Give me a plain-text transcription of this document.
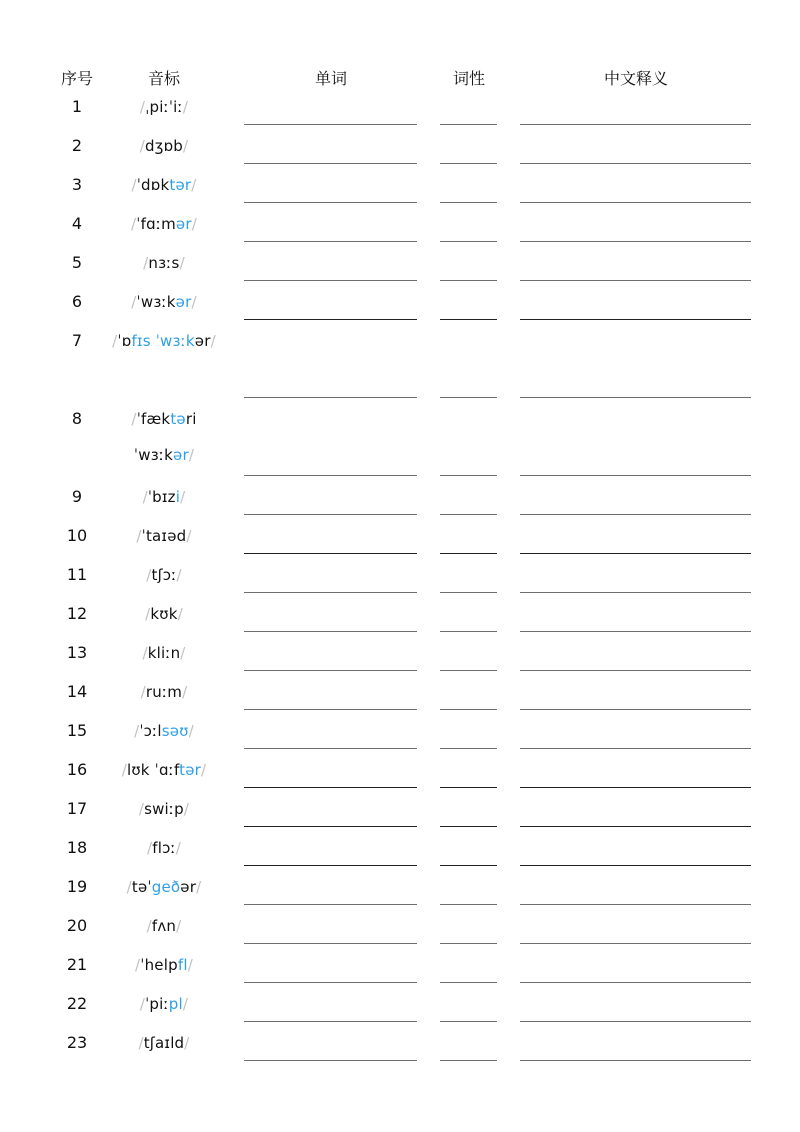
序号	音标	单词	词性	中文释义
1	/ˌpiːˈiː/
2	/dʒɒb/
3	/ˈdɒktər/
4	/ˈfɑːmər/
5	/nɜːs/
6	/ˈwɜːkər/
7	/ˈɒfɪs ˈwɜːkər/
8	/ˈfæktəri ˈwɜːkər/
9	/ˈbɪzi/
10	/ˈtaɪəd/
11	/tʃɔː/
12	/kʊk/
13	/kliːn/
14	/ruːm/
15	/ˈɔːlsəʊ/
16	/lʊk ˈɑːftər/
17	/swiːp/
18	/flɔː/
19	/təˈgeðər/
20	/fʌn/
21	/ˈhelpfl/
22	/ˈpiːpl/
23	/tʃaɪld/
